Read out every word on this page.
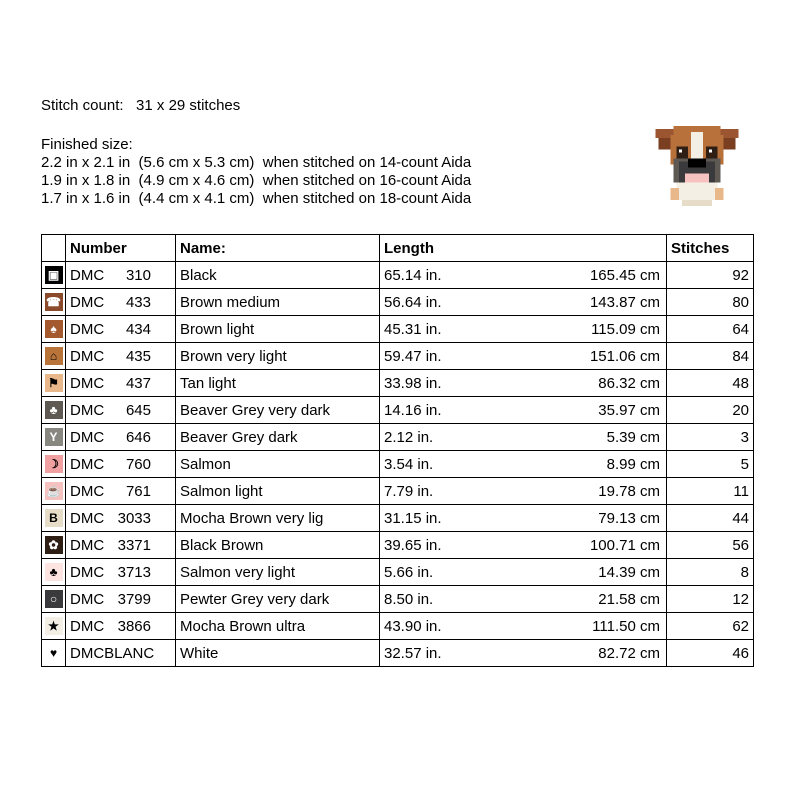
Stitch count:   31 x 29 stitches
Finished size:
2.2 in x 2.1 in  (5.6 cm x 5.3 cm)  when stitched on 14-count Aida
1.9 in x 1.8 in  (4.9 cm x 4.6 cm)  when stitched on 16-count Aida
1.7 in x 1.6 in  (4.4 cm x 4.1 cm)  when stitched on 18-count Aida
	Number	Name:	Length	Stitches
▣	DMC 310	Black	65.14 in. 165.45 cm	92
☎	DMC 433	Brown medium	56.64 in. 143.87 cm	80
♠	DMC 434	Brown light	45.31 in. 115.09 cm	64
⌂	DMC 435	Brown very light	59.47 in. 151.06 cm	84
⚑	DMC 437	Tan light	33.98 in. 86.32 cm	48
♣	DMC 645	Beaver Grey very dark	14.16 in. 35.97 cm	20
Y	DMC 646	Beaver Grey dark	2.12 in. 5.39 cm	3
☽	DMC 760	Salmon	3.54 in. 8.99 cm	5
☕	DMC 761	Salmon light	7.79 in. 19.78 cm	11
B	DMC 3033	Mocha Brown very lig	31.15 in. 79.13 cm	44
✿	DMC 3371	Black Brown	39.65 in. 100.71 cm	56
♣	DMC 3713	Salmon very light	5.66 in. 14.39 cm	8
○	DMC 3799	Pewter Grey very dark	8.50 in. 21.58 cm	12
★	DMC 3866	Mocha Brown ultra	43.90 in. 111.50 cm	62
♥	DMC BLANC	White	32.57 in. 82.72 cm	46
